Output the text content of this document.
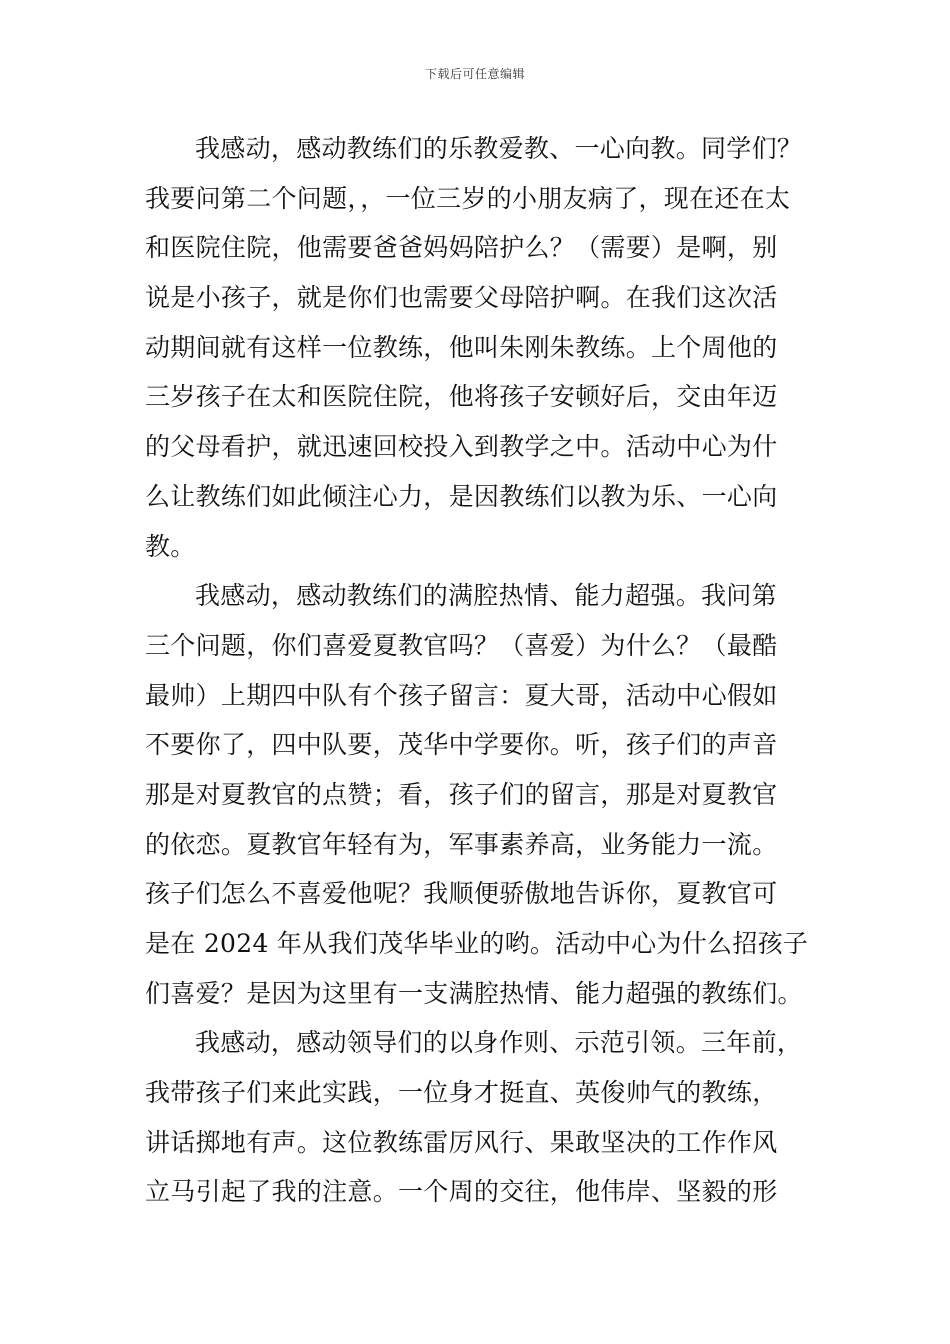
下载后可任意编辑
我感动，感动教练们的乐教爱教、一心向教。同学们？
我要问第二个问题，，一位三岁的小朋友病了，现在还在太
和医院住院，他需要爸爸妈妈陪护么？（需要）是啊，别
说是小孩子，就是你们也需要父母陪护啊。在我们这次活
动期间就有这样一位教练，他叫朱刚朱教练。上个周他的
三岁孩子在太和医院住院，他将孩子安顿好后，交由年迈
的父母看护，就迅速回校投入到教学之中。活动中心为什
么让教练们如此倾注心力，是因教练们以教为乐、一心向
教。
我感动，感动教练们的满腔热情、能力超强。我问第
三个问题，你们喜爱夏教官吗？（喜爱）为什么？（最酷
最帅）上期四中队有个孩子留言：夏大哥，活动中心假如
不要你了，四中队要，茂华中学要你。听，孩子们的声音
那是对夏教官的点赞；看，孩子们的留言，那是对夏教官
的依恋。夏教官年轻有为，军事素养高，业务能力一流。
孩子们怎么不喜爱他呢？我顺便骄傲地告诉你，夏教官可
是在 2024 年从我们茂华毕业的哟。活动中心为什么招孩子
们喜爱？是因为这里有一支满腔热情、能力超强的教练们。
我感动，感动领导们的以身作则、示范引领。三年前，
我带孩子们来此实践，一位身才挺直、英俊帅气的教练，
讲话掷地有声。这位教练雷厉风行、果敢坚决的工作作风
立马引起了我的注意。一个周的交往，他伟岸、坚毅的形
